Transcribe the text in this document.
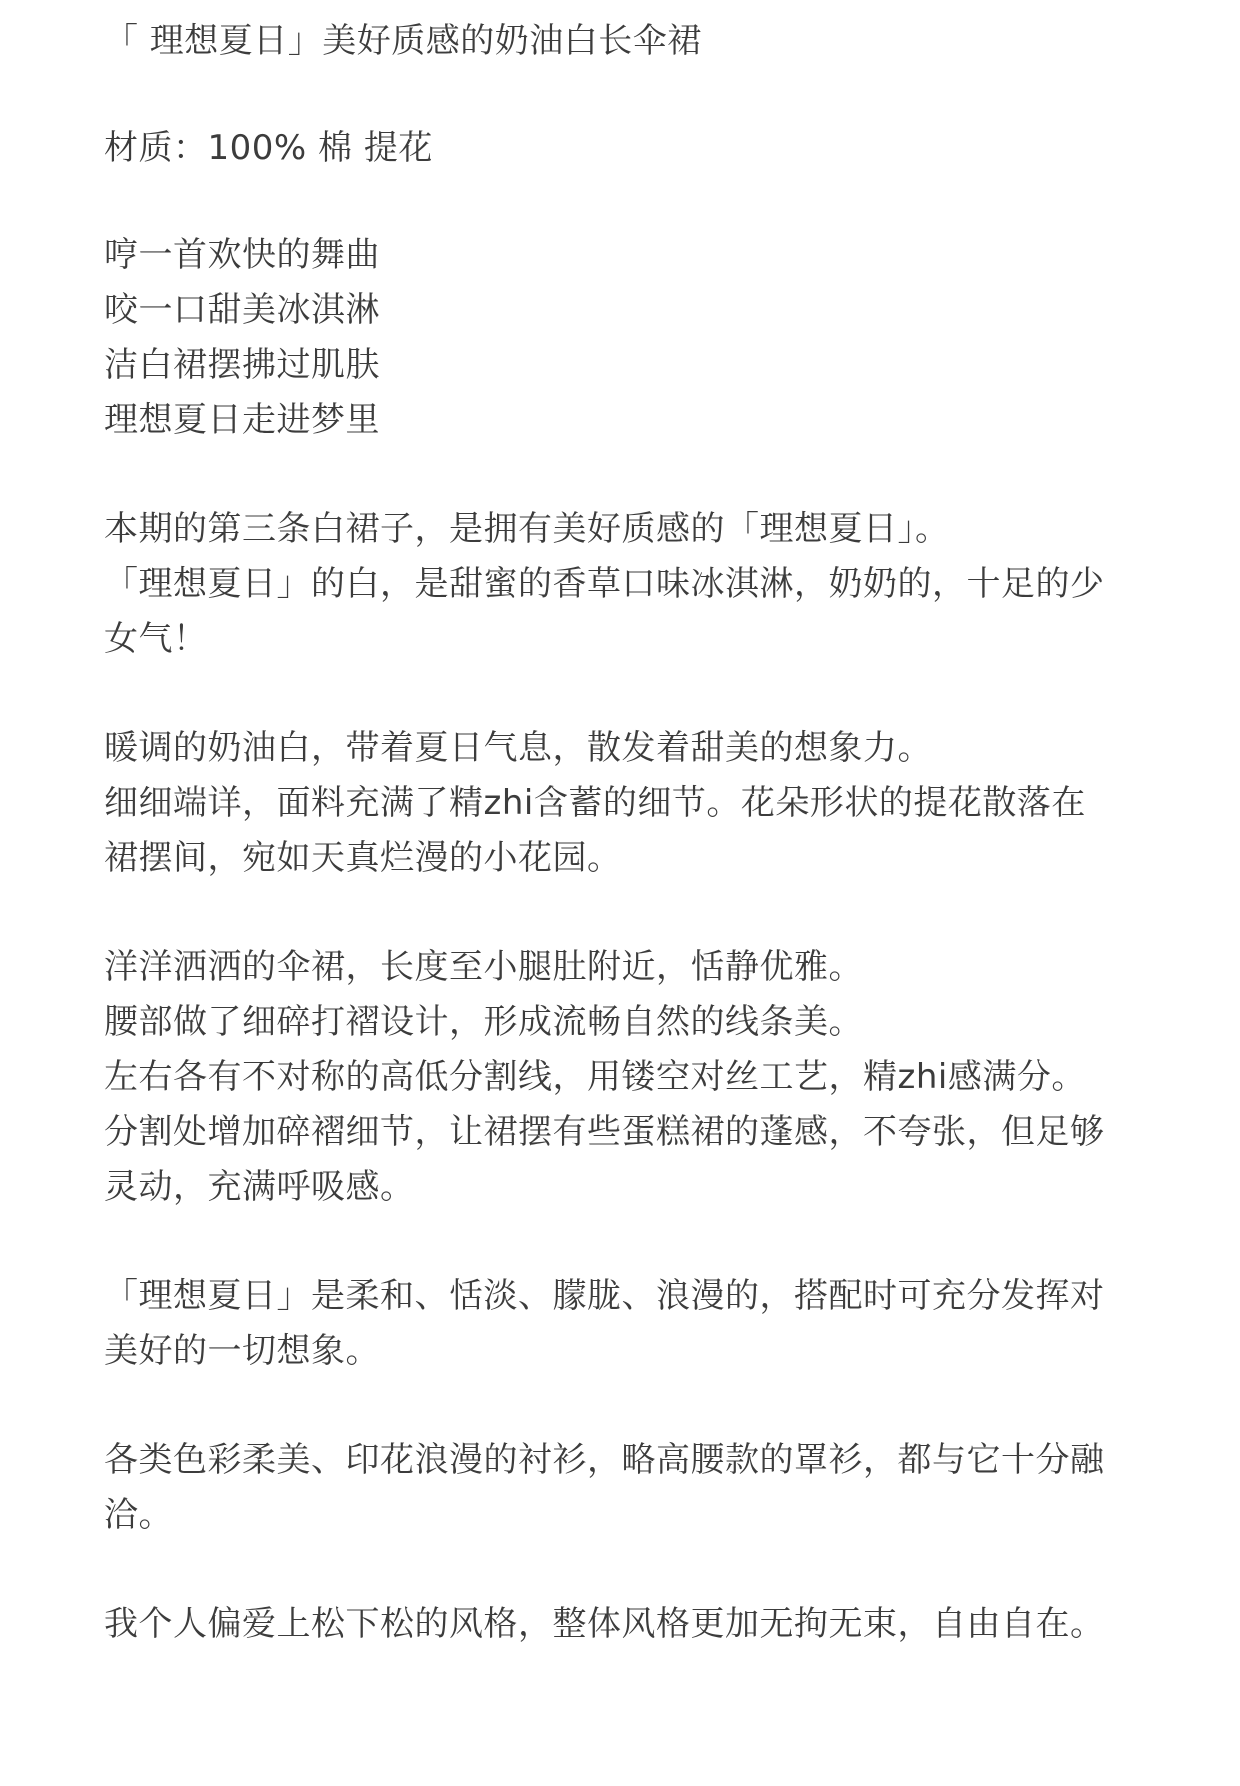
「 理想夏日」美好质感的奶油白长伞裙
材质：100% 棉 提花
哼一首欢快的舞曲
咬一口甜美冰淇淋
洁白裙摆拂过肌肤
理想夏日走进梦里
本期的第三条白裙子，是拥有美好质感的「理想夏日」。
「理想夏日」的白，是甜蜜的香草口味冰淇淋，奶奶的，十足的少
女气！
暖调的奶油白，带着夏日气息，散发着甜美的想象力。
细细端详，面料充满了精zhi含蓄的细节。花朵形状的提花散落在
裙摆间，宛如天真烂漫的小花园。
洋洋洒洒的伞裙，长度至小腿肚附近，恬静优雅。
腰部做了细碎打褶设计，形成流畅自然的线条美。
左右各有不对称的高低分割线，用镂空对丝工艺，精zhi感满分。
分割处增加碎褶细节，让裙摆有些蛋糕裙的蓬感，不夸张，但足够
灵动，充满呼吸感。
「理想夏日」是柔和、恬淡、朦胧、浪漫的，搭配时可充分发挥对
美好的一切想象。
各类色彩柔美、印花浪漫的衬衫，略高腰款的罩衫，都与它十分融
洽。
我个人偏爱上松下松的风格，整体风格更加无拘无束，自由自在。
